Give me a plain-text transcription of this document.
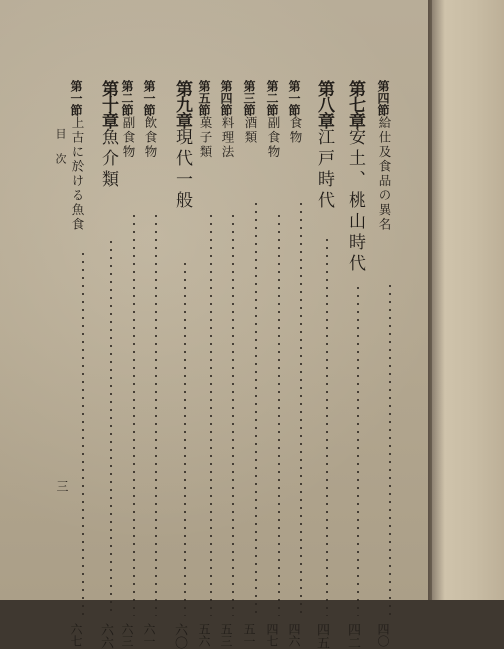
目次
三
第四節
給仕及食品の異名
四〇
第七章
安土、桃山時代
四二
第八章
江戸時代
四五
第一節
食物
四六
第二節
副食物
四七
第三節
酒類
五一
第四節
料理法
五三
第五節
菓子類
五六
第九章
現代一般
六〇
第一節
飲食物
六一
第二節
副食物
六三
第十章
魚介類
六六
第一節
上古に於ける魚食
六七
